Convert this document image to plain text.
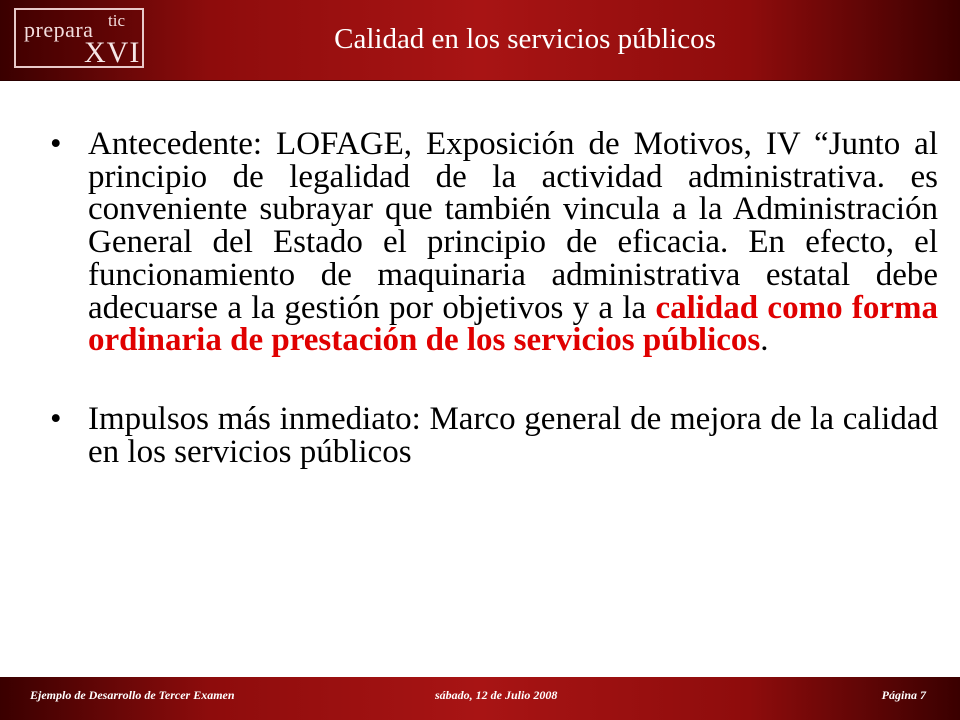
prepara tic
XVI	Calidad en los servicios públicos
• Antecedente: LOFAGE, Exposición de Motivos, IV “Junto al principio de legalidad de la actividad administrativa. es conveniente subrayar que también vincula a la Administración General del Estado el principio de eficacia. En efecto, el funcionamiento de maquinaria administrativa estatal debe adecuarse a la gestión por objetivos y a la calidad como forma ordinaria de prestación de los servicios públicos.
• Impulsos más inmediato: Marco general de mejora de la calidad en los servicios públicos
Ejemplo de Desarrollo de Tercer Examen	sábado, 12 de Julio 2008	Página 7
